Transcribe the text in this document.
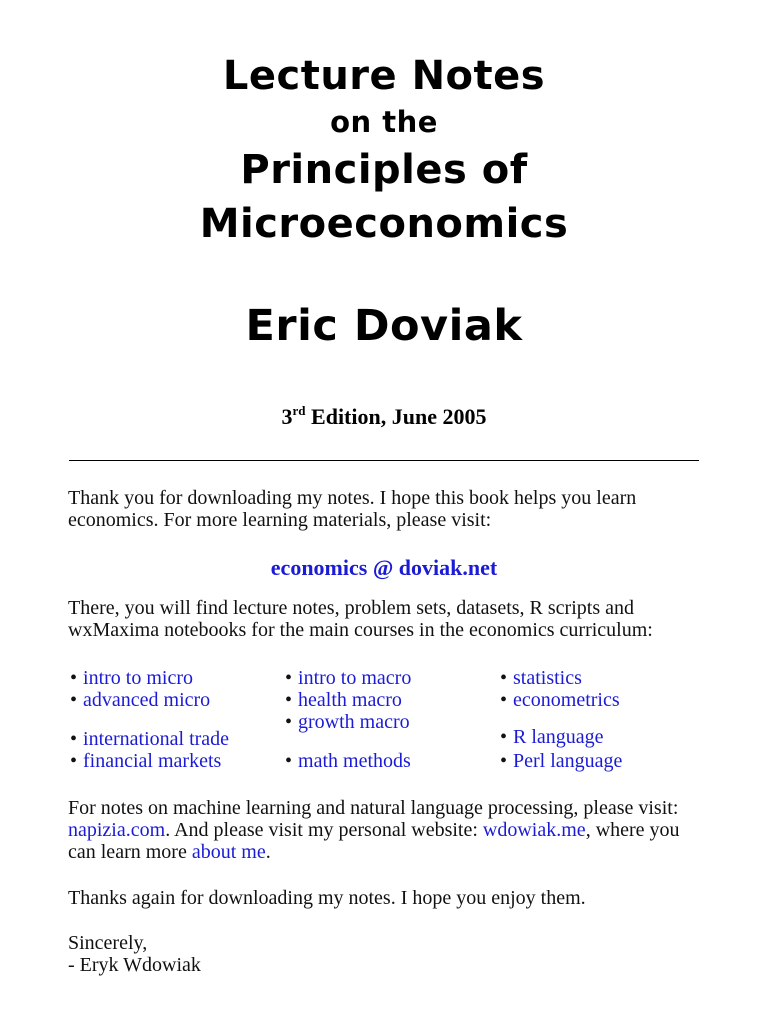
Lecture Notes
on the
Principles of
Microeconomics
Eric Doviak
3rd Edition, June 2005
Thank you for downloading my notes. I hope this book helps you learn economics. For more learning materials, please visit:
economics @ doviak.net
There, you will find lecture notes, problem sets, datasets, R scripts and wxMaxima notebooks for the main courses in the economics curriculum:
• intro to micro
• advanced micro
• international trade
• financial markets
• intro to macro
• health macro
• growth macro
• math methods
• statistics
• econometrics
• R language
• Perl language
For notes on machine learning and natural language processing, please visit: napizia.com. And please visit my personal website: wdowiak.me, where you can learn more about me.
Thanks again for downloading my notes. I hope you enjoy them.
Sincerely,
- Eryk Wdowiak
